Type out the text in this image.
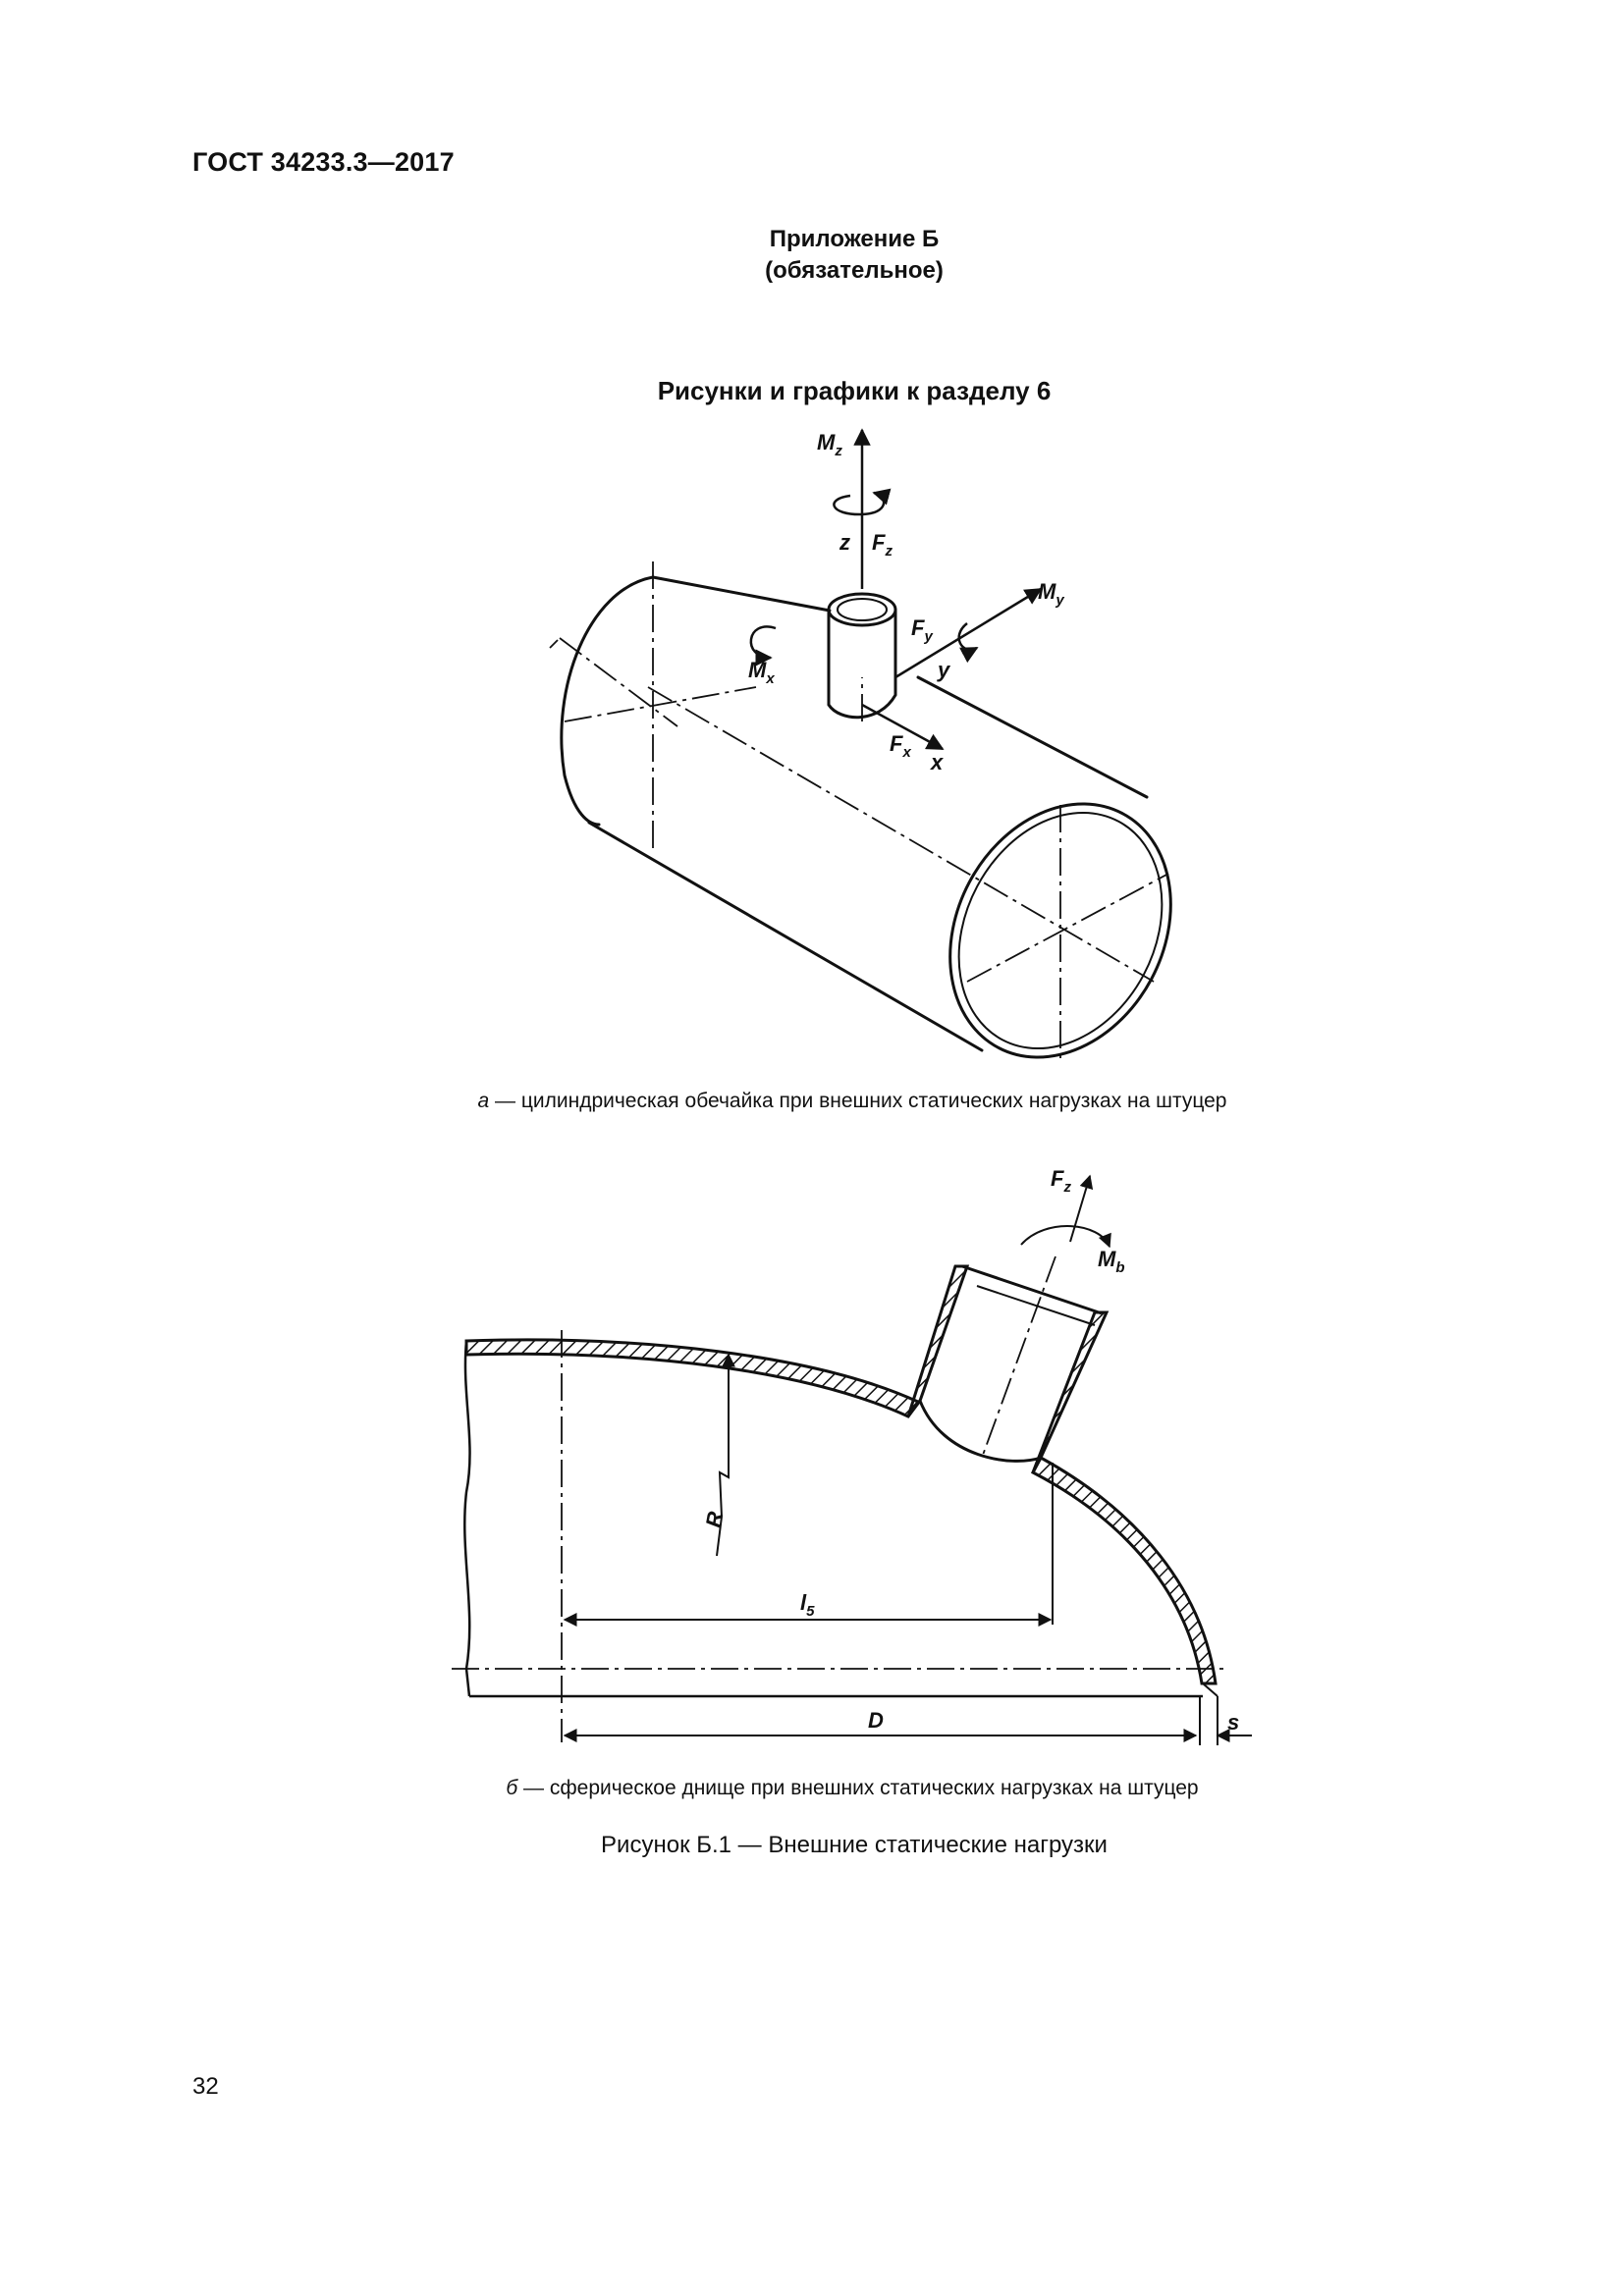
ГОСТ 34233.3—2017
Приложение Б
(обязательное)
Рисунки и графики к разделу 6
$M_z$
z $F_z$
$M_y$
$F_y$
y
$M_x$
$F_x$ x
а — цилиндрическая обечайка при внешних статических нагрузках на штуцер
$F_z$
$M_b$
R
$l_5$
D	s
б — сферическое днище при внешних статических нагрузках на штуцер
Рисунок Б.1 — Внешние статические нагрузки
32
